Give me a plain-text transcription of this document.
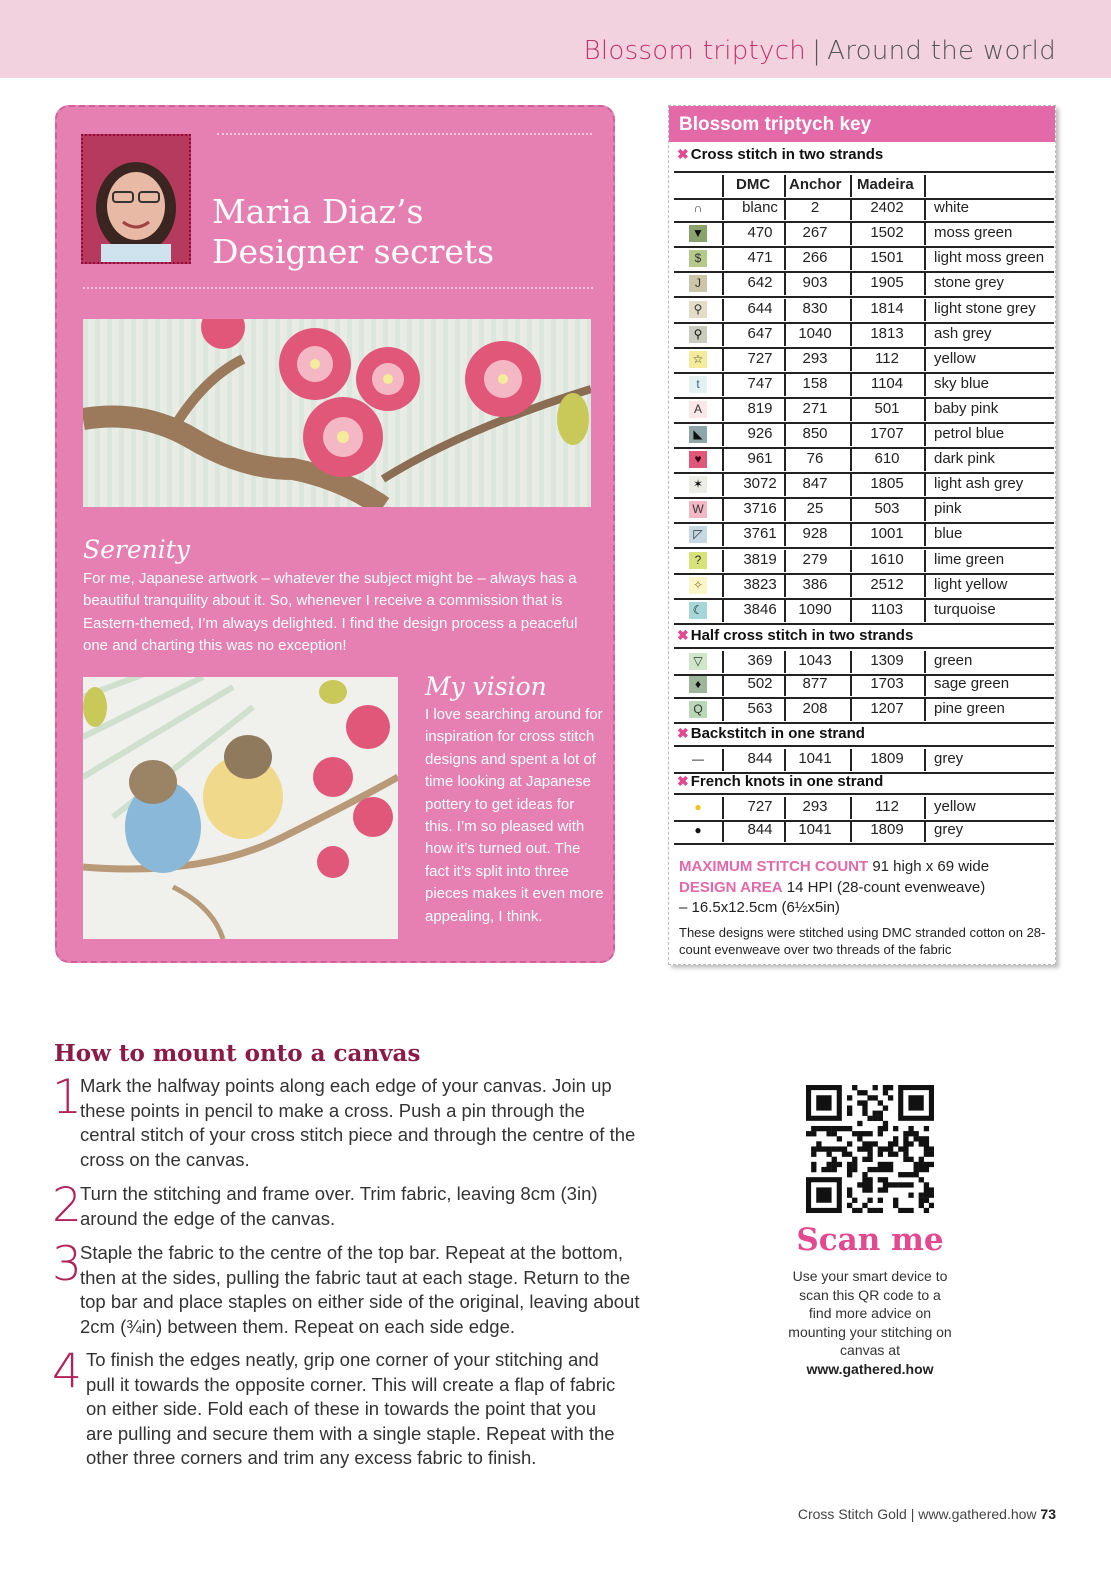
Blossom triptych | Around the world
Maria Diaz’s
Designer secrets
Serenity
For me, Japanese artwork – whatever the subject might be – always has a beautiful tranquility about it. So, whenever I receive a commission that is Eastern-themed, I’m always delighted. I find the design process a peaceful one and charting this was no exception!
My vision
I love searching around for inspiration for cross stitch designs and spent a lot of time looking at Japanese pottery to get ideas for this. I’m so pleased with how it’s turned out. The fact it’s split into three pieces makes it even more appealing, I think.
Blossom triptych key
✖ Cross stitch in two strands
DMC Anchor Madeira
∩	blanc	2	2402	white
▼	470	267	1502	moss green
$	471	266	1501	light moss green
J	642	903	1905	stone grey
⚲	644	830	1814	light stone grey
⚲	647	1040	1813	ash grey
☆	727	293	112	yellow
t	747	158	1104	sky blue
A	819	271	501	baby pink
◣	926	850	1707	petrol blue
♥	961	76	610	dark pink
✶	3072	847	1805	light ash grey
W	3716	25	503	pink
◸	3761	928	1001	blue
?	3819	279	1610	lime green
✧	3823	386	2512	light yellow
☾	3846	1090	1103	turquoise
✖ Half cross stitch in two strands
▽	369	1043	1309	green
♦	502	877	1703	sage green
Q	563	208	1207	pine green
✖ Backstitch in one strand
—	844	1041	1809	grey
✖ French knots in one strand
●	727	293	112	yellow
●	844	1041	1809	grey
MAXIMUM STITCH COUNT 91 high x 69 wide
DESIGN AREA 14 HPI (28-count evenweave)
– 16.5x12.5cm (6½x5in)
These designs were stitched using DMC stranded cotton on 28-count evenweave over two threads of the fabric
How to mount onto a canvas
1
Mark the halfway points along each edge of your canvas. Join up these points in pencil to make a cross. Push a pin through the central stitch of your cross stitch piece and through the centre of the cross on the canvas.
2
Turn the stitching and frame over. Trim fabric, leaving 8cm (3in) around the edge of the canvas.
3
Staple the fabric to the centre of the top bar. Repeat at the bottom, then at the sides, pulling the fabric taut at each stage. Return to the top bar and place staples on either side of the original, leaving about 2cm (¾in) between them. Repeat on each side edge.
4 To finish the edges neatly, grip one corner of your stitching and pull it towards the opposite corner. This will create a flap of fabric on either side. Fold each of these in towards the point that you are pulling and secure them with a single staple. Repeat with the other three corners and trim any excess fabric to finish.
Scan me
Use your smart device to scan this QR code to a find more advice on mounting your stitching on canvas at
www.gathered.how
Cross Stitch Gold | www.gathered.how 73
